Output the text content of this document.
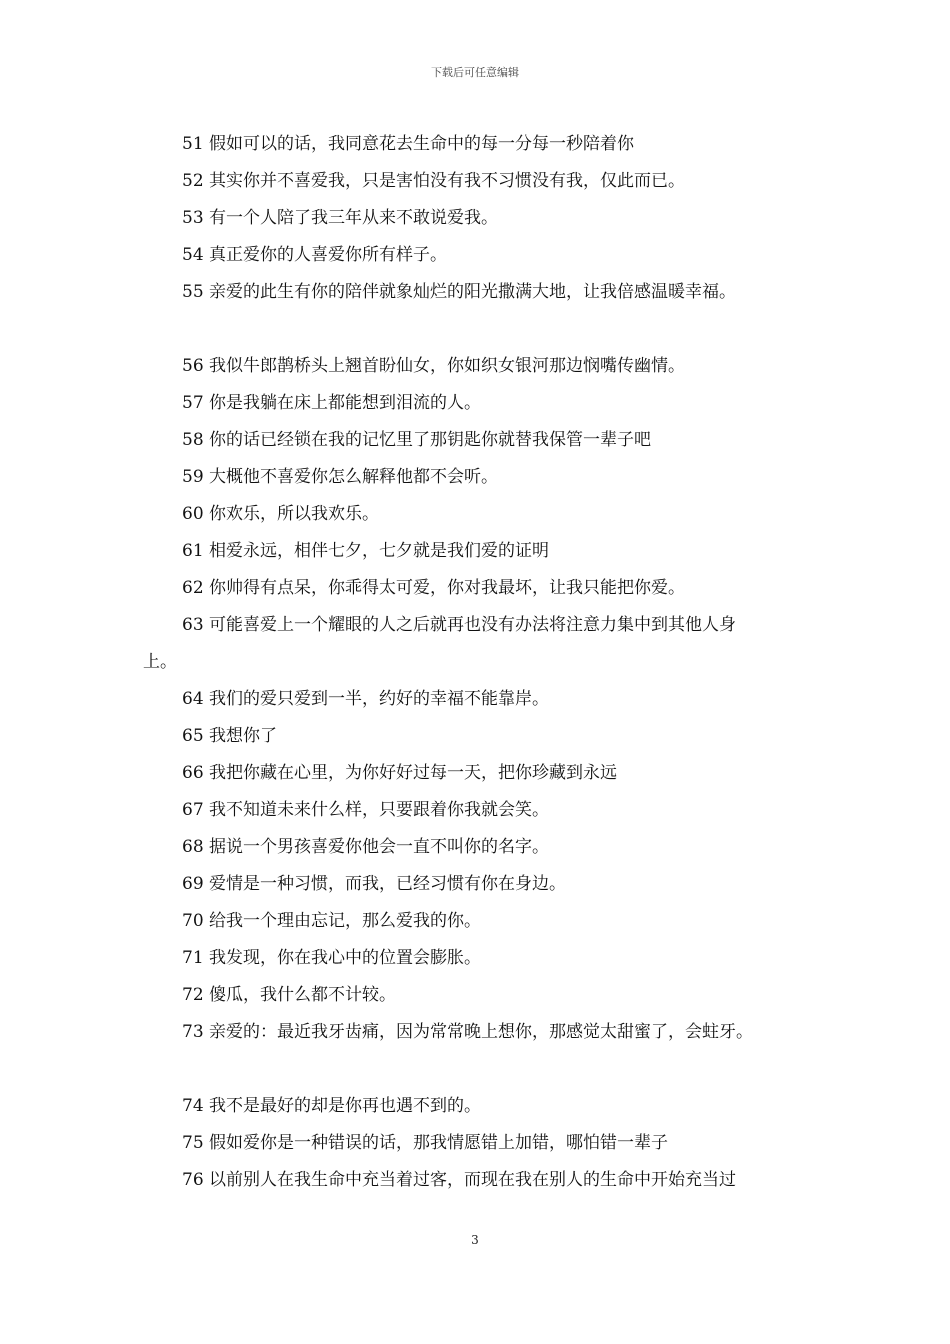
下载后可任意编辑
51 假如可以的话，我同意花去生命中的每一分每一秒陪着你
52 其实你并不喜爱我，只是害怕没有我不习惯没有我，仅此而已。
53 有一个人陪了我三年从来不敢说爱我。
54 真正爱你的人喜爱你所有样子。
55 亲爱的此生有你的陪伴就象灿烂的阳光撒满大地，让我倍感温暖幸福。
56 我似牛郎鹊桥头上翘首盼仙女，你如织女银河那边悯嘴传幽情。
57 你是我躺在床上都能想到泪流的人。
58 你的话已经锁在我的记忆里了那钥匙你就替我保管一辈子吧
59 大概他不喜爱你怎么解释他都不会听。
60 你欢乐，所以我欢乐。
61 相爱永远，相伴七夕，七夕就是我们爱的证明
62 你帅得有点呆，你乖得太可爱，你对我最坏，让我只能把你爱。
63 可能喜爱上一个耀眼的人之后就再也没有办法将注意力集中到其他人身
上。
64 我们的爱只爱到一半，约好的幸福不能靠岸。
65 我想你了
66 我把你藏在心里，为你好好过每一天，把你珍藏到永远
67 我不知道未来什么样，只要跟着你我就会笑。
68 据说一个男孩喜爱你他会一直不叫你的名字。
69 爱情是一种习惯，而我，已经习惯有你在身边。
70 给我一个理由忘记，那么爱我的你。
71 我发现，你在我心中的位置会膨胀。
72 傻瓜，我什么都不计较。
73 亲爱的：最近我牙齿痛，因为常常晚上想你，那感觉太甜蜜了，会蛀牙。
74 我不是最好的却是你再也遇不到的。
75 假如爱你是一种错误的话，那我情愿错上加错，哪怕错一辈子
76 以前别人在我生命中充当着过客，而现在我在别人的生命中开始充当过
3
